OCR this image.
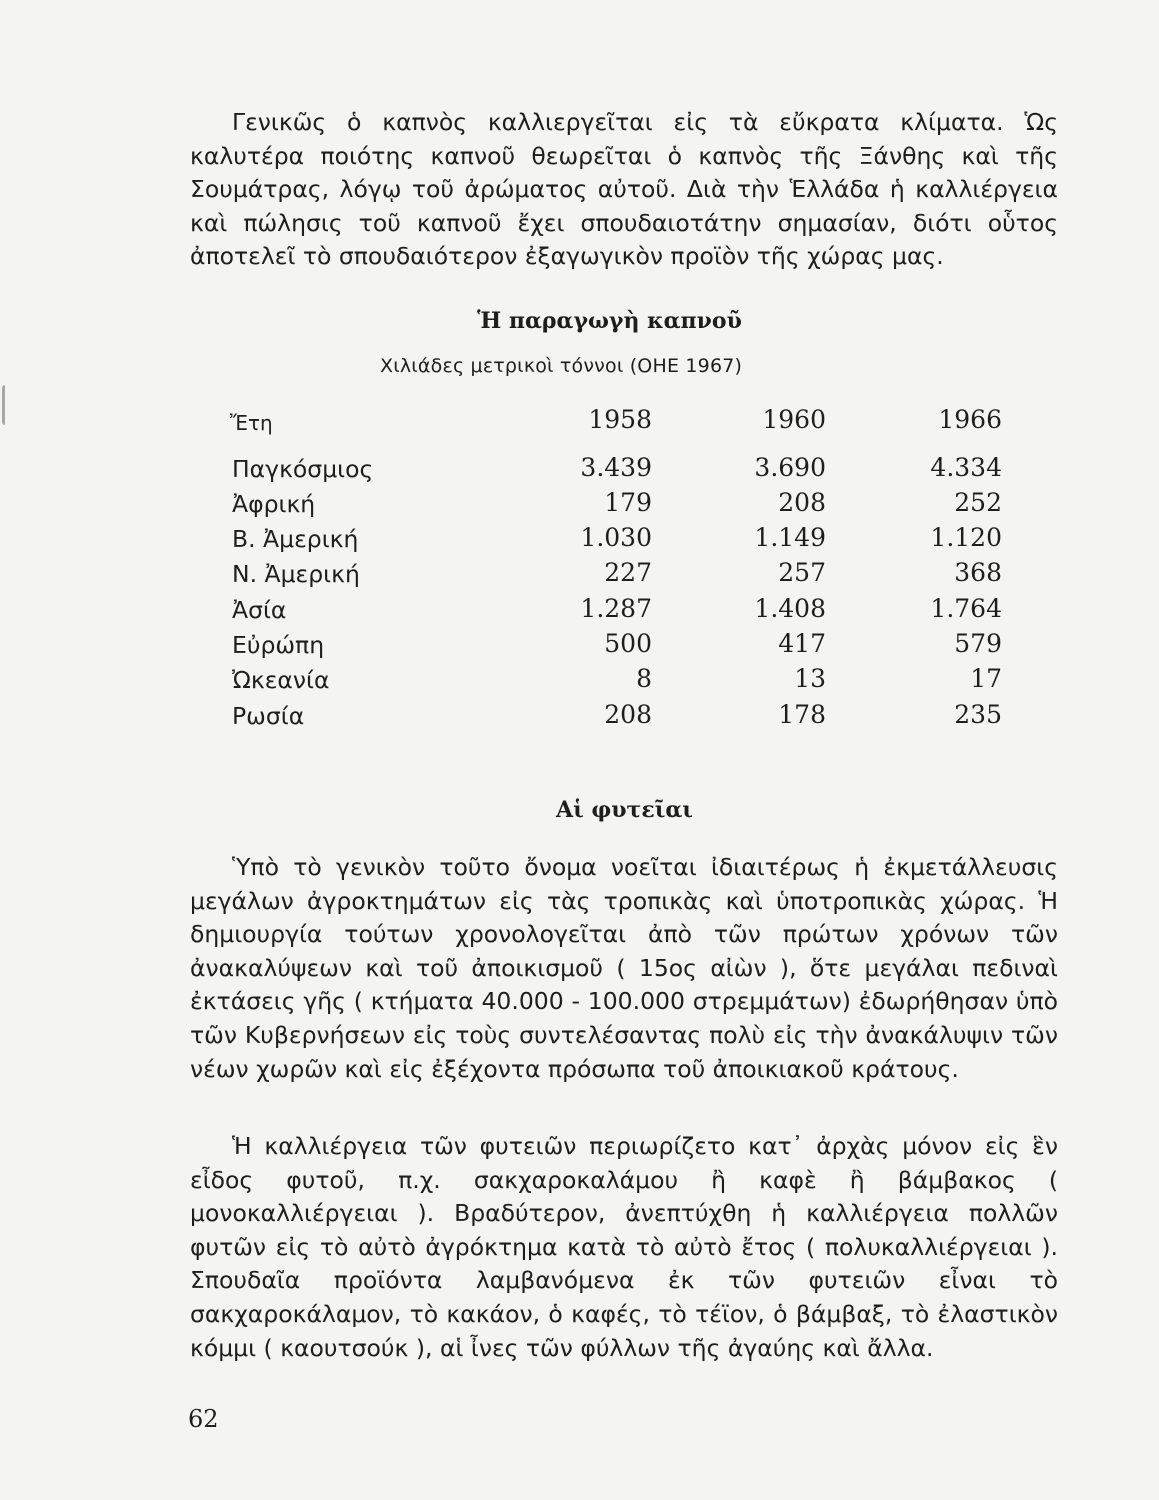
Γενικῶς ὁ καπνὸς καλλιεργεῖται εἰς τὰ εὔκρατα κλίματα. Ὡς καλυτέρα ποιότης καπνοῦ θεωρεῖται ὁ καπνὸς τῆς Ξάνθης καὶ τῆς Σουμάτρας, λόγῳ τοῦ ἀρώματος αὐτοῦ. Διὰ τὴν Ἑλλάδα ἡ καλλιέργεια καὶ πώλησις τοῦ καπνοῦ ἔχει σπουδαιοτάτην σημασίαν, διότι οὗτος ἀποτελεῖ τὸ σπουδαιότερον ἐξαγωγικὸν προϊὸν τῆς χώρας μας.

Ἡ παραγωγὴ καπνοῦ

Χιλιάδες μετρικοὶ τόννοι (ΟΗΕ 1967)

Ἔτη	1958	1960	1966
Παγκόσμιος	3.439	3.690	4.334
Ἀφρική	179	208	252
Β. Ἀμερική	1.030	1.149	1.120
Ν. Ἀμερική	227	257	368
Ἀσία	1.287	1.408	1.764
Εὐρώπη	500	417	579
Ὠκεανία	8	13	17
Ρωσία	208	178	235
Αἱ φυτεῖαι

Ὑπὸ τὸ γενικὸν τοῦτο ὄνομα νοεῖται ἰδιαιτέρως ἡ ἐκμετάλλευσις μεγάλων ἀγροκτημάτων εἰς τὰς τροπικὰς καὶ ὑποτροπικὰς χώρας. Ἡ δημιουργία τούτων χρονολογεῖται ἀπὸ τῶν πρώτων χρόνων τῶν ἀνακαλύψεων καὶ τοῦ ἀποικισμοῦ ( 15ος αἰὼν ), ὅτε μεγάλαι πεδιναὶ ἐκτάσεις γῆς ( κτήματα 40.000 - 100.000 στρεμμάτων) ἐδωρήθησαν ὑπὸ τῶν Κυβερνήσεων εἰς τοὺς συντελέσαντας πολὺ εἰς τὴν ἀνακάλυψιν τῶν νέων χωρῶν καὶ εἰς ἐξέχοντα πρόσωπα τοῦ ἀποικιακοῦ κράτους.

Ἡ καλλιέργεια τῶν φυτειῶν περιωρίζετο κατ᾽ ἀρχὰς μόνον εἰς ἓν εἶδος φυτοῦ, π.χ. σακχαροκαλάμου ἢ καφὲ ἢ βάμβακος ( μονοκαλλιέργειαι ). Βραδύτερον, ἀνεπτύχθη ἡ καλλιέργεια πολλῶν φυτῶν εἰς τὸ αὐτὸ ἀγρόκτημα κατὰ τὸ αὐτὸ ἔτος ( πολυκαλλιέργειαι ). Σπουδαῖα προϊόντα λαμβανόμενα ἐκ τῶν φυτειῶν εἶναι τὸ σακχαροκάλαμον, τὸ κακάον, ὁ καφές, τὸ τέϊον, ὁ βάμβαξ, τὸ ἐλαστικὸν κόμμι ( καουτσούκ ), αἱ ἶνες τῶν φύλλων τῆς ἀγαύης καὶ ἄλλα.

62
